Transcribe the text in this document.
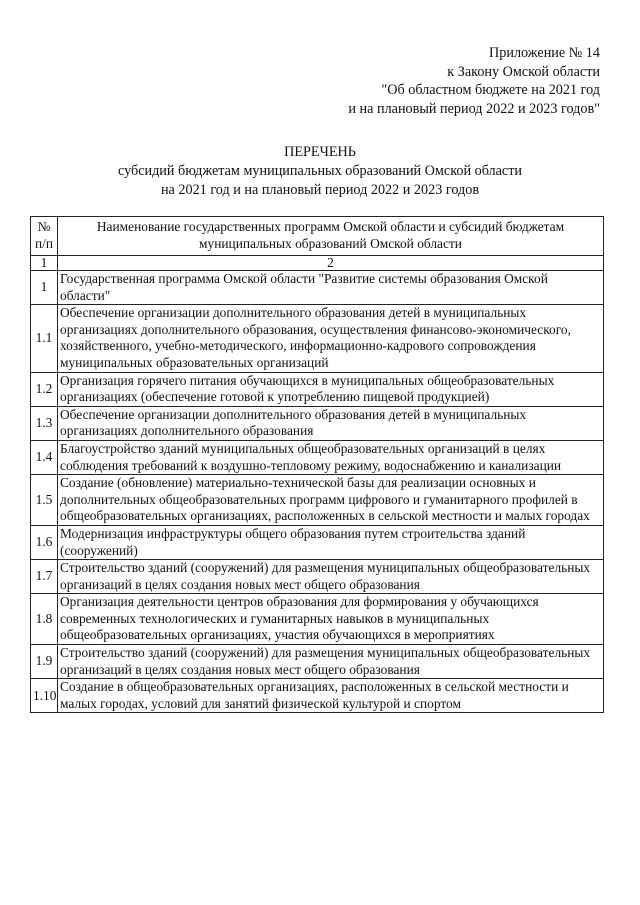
Приложение № 14
к Закону Омской области
"Об областном бюджете на 2021 год
и на плановый период 2022 и 2023 годов"
ПЕРЕЧЕНЬ
субсидий бюджетам муниципальных образований Омской области
на 2021 год и на плановый период 2022 и 2023 годов
№ п/п	Наименование государственных программ Омской области и субсидий бюджетам муниципальных образований Омской области
1	2
1	Государственная программа Омской области "Развитие системы образования Омской области"
1.1	Обеспечение организации дополнительного образования детей в муниципальных организациях дополнительного образования, осуществления финансово-экономического, хозяйственного, учебно-методического, информационно-кадрового сопровождения муниципальных образовательных организаций
1.2	Организация горячего питания обучающихся в муниципальных общеобразовательных организациях (обеспечение готовой к употреблению пищевой продукцией)
1.3	Обеспечение организации дополнительного образования детей в муниципальных организациях дополнительного образования
1.4	Благоустройство зданий муниципальных общеобразовательных организаций в целях соблюдения требований к воздушно-тепловому режиму, водоснабжению и канализации
1.5	Создание (обновление) материально-технической базы для реализации основных и дополнительных общеобразовательных программ цифрового и гуманитарного профилей в общеобразовательных организациях, расположенных в сельской местности и малых городах
1.6	Модернизация инфраструктуры общего образования путем строительства зданий (сооружений)
1.7	Строительство зданий (сооружений) для размещения муниципальных общеобразовательных организаций в целях создания новых мест общего образования
1.8	Организация деятельности центров образования для формирования у обучающихся современных технологических и гуманитарных навыков в муниципальных общеобразовательных организациях, участия обучающихся в мероприятиях
1.9	Строительство зданий (сооружений) для размещения муниципальных общеобразовательных организаций в целях создания новых мест общего образования
1.10	Создание в общеобразовательных организациях, расположенных в сельской местности и малых городах, условий для занятий физической культурой и спортом
